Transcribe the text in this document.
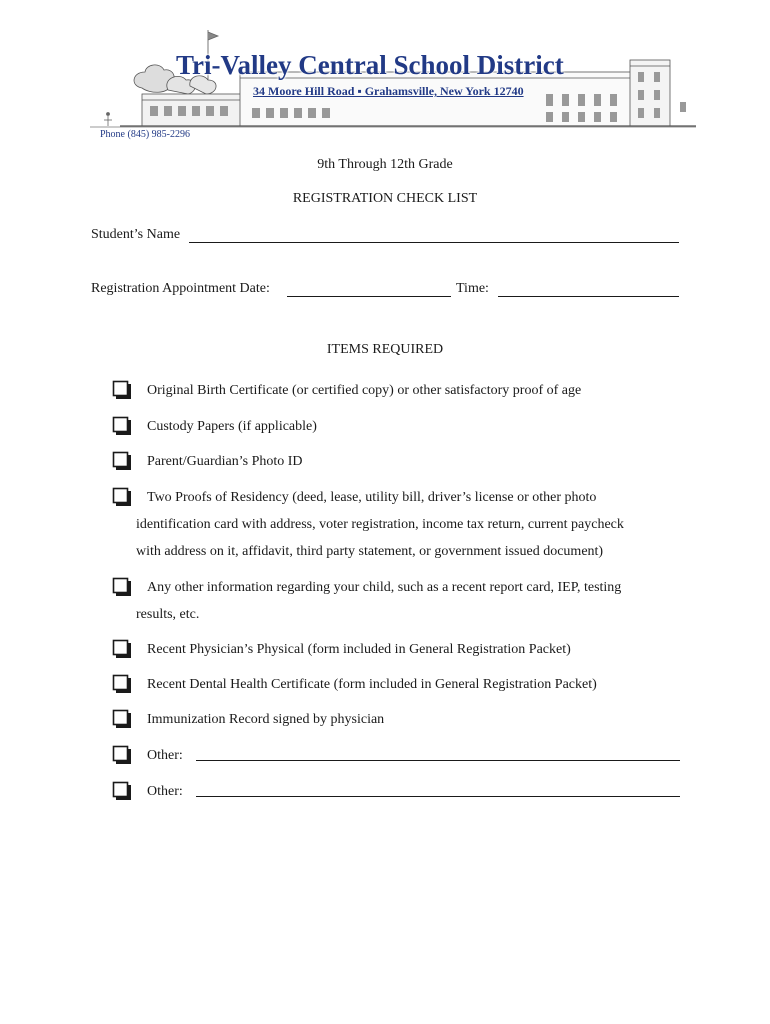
Tri-Valley Central School District
34 Moore Hill Road ▪ Grahamsville, New York 12740
Phone (845) 985-2296
9th Through 12th Grade
REGISTRATION CHECK LIST
Student’s Name
Registration Appointment Date:	Time:
ITEMS REQUIRED
Original Birth Certificate (or certified copy) or other satisfactory proof of age
Custody Papers (if applicable)
Parent/Guardian’s Photo ID
Two Proofs of Residency (deed, lease, utility bill, driver’s license or other photo
identification card with address, voter registration, income tax return, current paycheck
with address on it, affidavit, third party statement, or government issued document)
Any other information regarding your child, such as a recent report card, IEP, testing
results, etc.
Recent Physician’s Physical (form included in General Registration Packet)
Recent Dental Health Certificate (form included in General Registration Packet)
Immunization Record signed by physician
Other:
Other:
